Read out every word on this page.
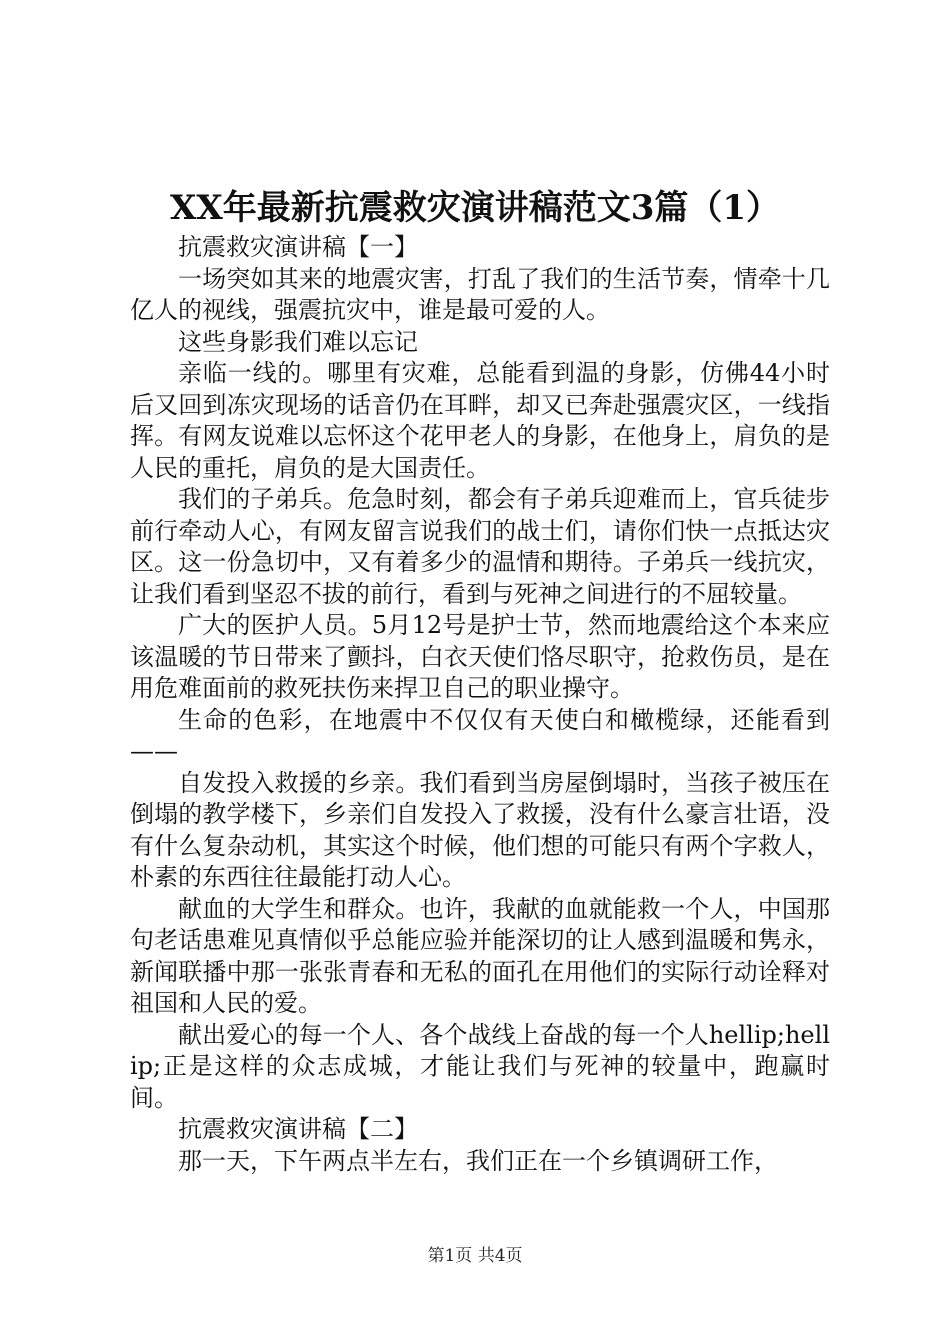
XX年最新抗震救灾演讲稿范文3篇（1）

抗震救灾演讲稿【一】

一场突如其来的地震灾害，打乱了我们的生活节奏，情牵十几亿人的视线，强震抗灾中，谁是最可爱的人。

这些身影我们难以忘记

亲临一线的。哪里有灾难，总能看到温的身影，仿佛44小时后又回到冻灾现场的话音仍在耳畔，却又已奔赴强震灾区，一线指挥。有网友说难以忘怀这个花甲老人的身影，在他身上，肩负的是人民的重托，肩负的是大国责任。

我们的子弟兵。危急时刻，都会有子弟兵迎难而上，官兵徒步前行牵动人心，有网友留言说我们的战士们，请你们快一点抵达灾区。这一份急切中，又有着多少的温情和期待。子弟兵一线抗灾，让我们看到坚忍不拔的前行，看到与死神之间进行的不屈较量。

广大的医护人员。5月12号是护士节，然而地震给这个本来应该温暖的节日带来了颤抖，白衣天使们恪尽职守，抢救伤员，是在用危难面前的救死扶伤来捍卫自己的职业操守。

生命的色彩，在地震中不仅仅有天使白和橄榄绿，还能看到——

自发投入救援的乡亲。我们看到当房屋倒塌时，当孩子被压在倒塌的教学楼下，乡亲们自发投入了救援，没有什么豪言壮语，没有什么复杂动机，其实这个时候，他们想的可能只有两个字救人，朴素的东西往往最能打动人心。

献血的大学生和群众。也许，我献的血就能救一个人，中国那句老话患难见真情似乎总能应验并能深切的让人感到温暖和隽永，新闻联播中那一张张青春和无私的面孔在用他们的实际行动诠释对祖国和人民的爱。

献出爱心的每一个人、各个战线上奋战的每一个人hellip;hellip;正是这样的众志成城，才能让我们与死神的较量中，跑赢时间。

抗震救灾演讲稿【二】

那一天，下午两点半左右，我们正在一个乡镇调研工作，

第1页 共4页
